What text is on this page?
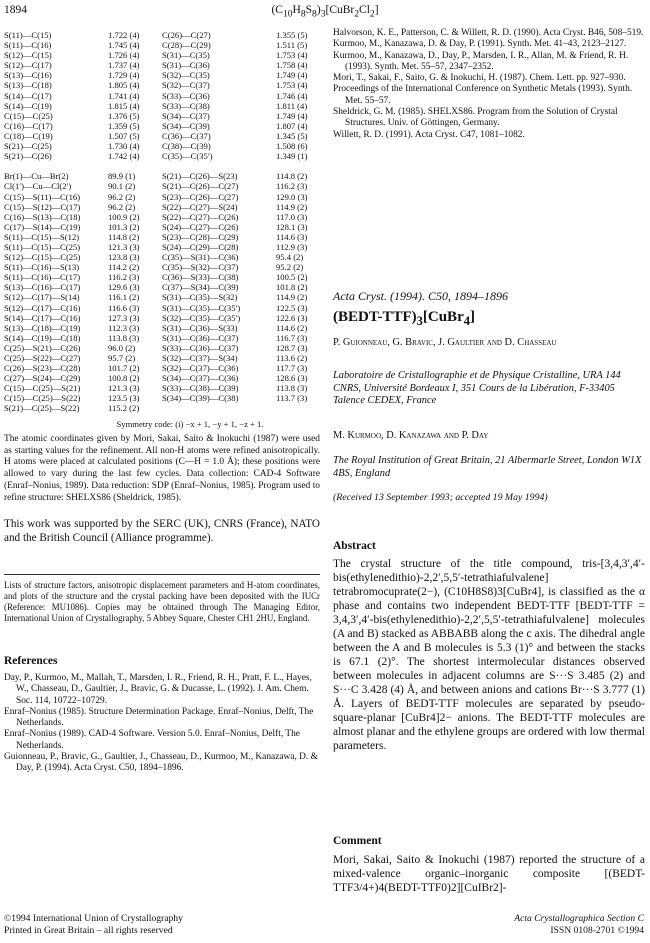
1894	$(C_{10}H_8S_8)_3[CuBr_2Cl_2]$
S(11)—C(15)	1.722 (4)
S(11)—C(16)	1.745 (4)
S(12)—C(15)	1.726 (4)
S(12)—C(17)	1.737 (4)
S(13)—C(16)	1.729 (4)
S(13)—C(18)	1.805 (4)
S(14)—C(17)	1.741 (4)
S(14)—C(19)	1.815 (4)
C(15)—C(25)	1.376 (5)
C(16)—C(17)	1.359 (5)
C(18)—C(19)	1.507 (5)
S(21)—C(25)	1.730 (4)
S(21)—C(26)	1.742 (4)
Br(1)—Cu—Br(2)	89.9 (1)
Cl(1′)—Cu—Cl(2′)	90.1 (2)
C(15)—S(11)—C(16)	96.2 (2)
C(15)—S(12)—C(17)	96.2 (2)
C(16)—S(13)—C(18)	100.9 (2)
C(17)—S(14)—C(19)	101.3 (2)
S(11)—C(15)—S(12)	114.8 (2)
S(11)—C(15)—C(25)	121.3 (3)
S(12)—C(15)—C(25)	123.8 (3)
S(11)—C(16)—S(13)	114.2 (2)
S(11)—C(16)—C(17)	116.2 (3)
S(13)—C(16)—C(17)	129.6 (3)
S(12)—C(17)—S(14)	116.1 (2)
S(12)—C(17)—C(16)	116.6 (3)
S(14)—C(17)—C(16)	127.3 (3)
S(13)—C(18)—C(19)	112.3 (3)
S(14)—C(19)—C(18)	113.8 (3)
C(25)—S(21)—C(26)	96.0 (2)
C(25)—S(22)—C(27)	95.7 (2)
C(26)—S(23)—C(28)	101.7 (2)
C(27)—S(24)—C(29)	100.8 (2)
C(15)—C(25)—S(21)	121.3 (3)
C(15)—C(25)—S(22)	123.5 (3)
S(21)—C(25)—S(22)	115.2 (2)
C(26)—C(27)	1.355 (5)
C(28)—C(29)	1.511 (5)
S(31)—C(35)	1.753 (4)
S(31)—C(36)	1.758 (4)
S(32)—C(35)	1.749 (4)
S(32)—C(37)	1.753 (4)
S(33)—C(36)	1.746 (4)
S(33)—C(38)	1.811 (4)
S(34)—C(37)	1.749 (4)
S(34)—C(39)	1.807 (4)
C(36)—C(37)	1.345 (5)
C(38)—C(39)	1.508 (6)
C(35)—C(35′)	1.349 (1)
S(21)—C(26)—S(23)	114.8 (2)
S(21)—C(26)—C(27)	116.2 (3)
S(23)—C(26)—C(27)	129.0 (3)
S(22)—C(27)—S(24)	114.9 (2)
S(22)—C(27)—C(26)	117.0 (3)
S(24)—C(27)—C(26)	128.1 (3)
S(23)—C(28)—C(29)	114.6 (3)
S(24)—C(29)—C(28)	112.9 (3)
C(35)—S(31)—C(36)	95.4 (2)
C(35)—S(32)—C(37)	95.2 (2)
C(36)—S(33)—C(38)	100.5 (2)
C(37)—S(34)—C(39)	101.8 (2)
S(31)—C(35)—S(32)	114.9 (2)
S(31)—C(35)—C(35′)	122.5 (3)
S(32)—C(35)—C(35′)	122.6 (3)
S(31)—C(36)—S(33)	114.6 (2)
S(31)—C(36)—C(37)	116.7 (3)
S(33)—C(36)—C(37)	128.7 (3)
S(32)—C(37)—S(34)	113.6 (2)
S(32)—C(37)—C(36)	117.7 (3)
S(34)—C(37)—C(36)	128.6 (3)
S(33)—C(38)—C(39)	113.8 (3)
S(34)—C(39)—C(38)	113.7 (3)
Symmetry code: (i) −x + 1, −y + 1, −z + 1.
The atomic coordinates given by Mori, Sakai, Saito & Inokuchi (1987) were used as starting values for the refinement. All non-H atoms were refined anisotropically. H atoms were placed at calculated positions (C—H = 1.0 Å); these positions were allowed to vary during the last few cycles. Data collection: CAD-4 Software (Enraf–Nonius, 1989). Data reduction: SDP (Enraf–Nonius, 1985). Program used to refine structure: SHELXS86 (Sheldrick, 1985).
This work was supported by the SERC (UK), CNRS (France), NATO and the British Council (Alliance programme).
Lists of structure factors, anisotropic displacement parameters and H-atom coordinates, and plots of the structure and the crystal packing have been deposited with the IUCr (Reference: MU1086). Copies may be obtained through The Managing Editor, International Union of Crystallography, 5 Abbey Square, Chester CH1 2HU, England.
References

Day, P., Kurmoo, M., Mallah, T., Marsden, I. R., Friend, R. H., Pratt, F. L., Hayes, W., Chasseau, D., Gaultier, J., Bravic, G. & Ducasse, L. (1992). J. Am. Chem. Soc. 114, 10722–10729.

Enraf–Nonius (1985). Structure Determination Package. Enraf–Nonius, Delft, The Netherlands.

Enraf–Nonius (1989). CAD-4 Software. Version 5.0. Enraf–Nonius, Delft, The Netherlands.

Guionneau, P., Bravic, G., Gaultier, J., Chasseau, D., Kurmoo, M., Kanazawa, D. & Day, P. (1994). Acta Cryst. C50, 1894–1896.

Halvorson, K. E., Patterson, C. & Willett, R. D. (1990). Acta Cryst. B46, 508–519.

Kurmoo, M., Kanazawa, D. & Day, P. (1991). Synth. Met. 41–43, 2123–2127.

Kurmoo, M., Kanazawa, D., Day, P., Marsden, I. R., Allan, M. & Friend, R. H. (1993). Synth. Met. 55–57, 2347–2352.

Mori, T., Sakai, F., Saito, G. & Inokuchi, H. (1987). Chem. Lett. pp. 927–930.

Proceedings of the International Conference on Synthetic Metals (1993). Synth. Met. 55–57.

Sheldrick, G. M. (1985). SHELXS86. Program from the Solution of Crystal Structures. Univ. of Göttingen, Germany.

Willett, R. D. (1991). Acta Cryst. C47, 1081–1082.

Acta Cryst. (1994). C50, 1894–1896
$(BEDT-TTF)_3[CuBr_4]$
P. Guionneau, G. Bravic, J. Gaultier and D. Chasseau
Laboratoire de Cristallographie et de Physique Cristalline, URA 144 CNRS, Université Bordeaux I, 351 Cours de la Libération, F-33405 Talence CEDEX, France
M. Kurmoo, D. Kanazawa and P. Day
The Royal Institution of Great Britain, 21 Albermarle Street, London W1X 4BS, England
(Received 13 September 1993; accepted 19 May 1994)
Abstract
The crystal structure of the title compound, tris-[3,4,3′,4′-bis(ethylenedithio)-2,2′,5,5′-tetrathiafulvalene] tetrabromocuprate(2−), (C10H8S8)3[CuBr4], is classified as the α phase and contains two independent BEDT-TTF [BEDT-TTF = 3,4,3′,4′-bis(ethylenedithio)-2,2′,5,5′-tetrathiafulvalene] molecules (A and B) stacked as ABBABB along the c axis. The dihedral angle between the A and B molecules is 5.3 (1)° and between the stacks is 67.1 (2)°. The shortest intermolecular distances observed between molecules in adjacent columns are S···S 3.485 (2) and S···C 3.428 (4) Å, and between anions and cations Br···S 3.777 (1) Å. Layers of BEDT-TTF molecules are separated by pseudo-square-planar [CuBr4]2− anions. The BEDT-TTF molecules are almost planar and the ethylene groups are ordered with low thermal parameters.
Comment
Mori, Sakai, Saito & Inokuchi (1987) reported the structure of a mixed-valence organic–inorganic composite [(BEDT-TTF3/4+)4(BEDT-TTF0)2][CuIBr2]-
©1994 International Union of Crystallography
Printed in Great Britain – all rights reserved
Acta Crystallographica Section C
ISSN 0108-2701 ©1994
